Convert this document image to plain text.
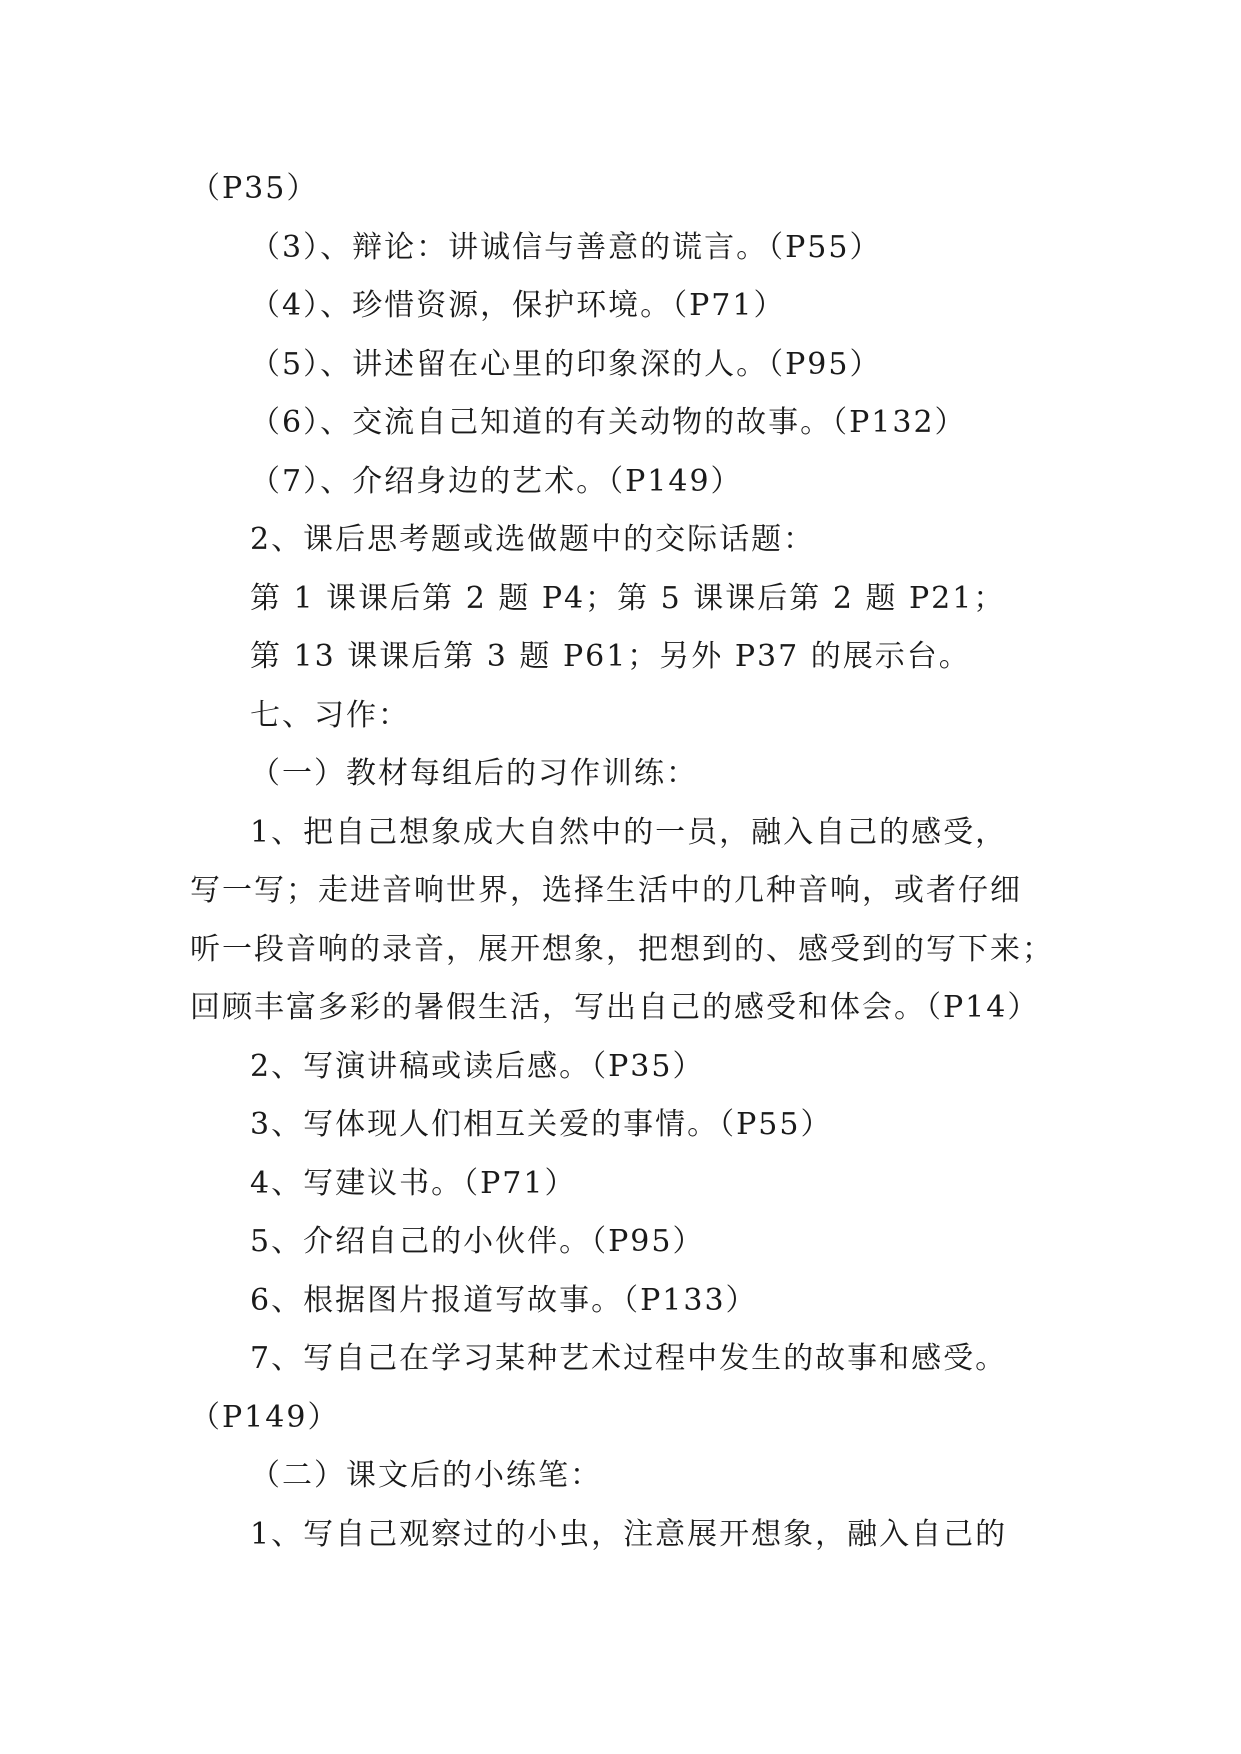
（P35）
（3）、辩论：讲诚信与善意的谎言。（P55）
（4）、珍惜资源，保护环境。（P71）
（5）、讲述留在心里的印象深的人。（P95）
（6）、交流自己知道的有关动物的故事。（P132）
（7）、介绍身边的艺术。（P149）
2、课后思考题或选做题中的交际话题：
第 1 课课后第 2 题 P4；第 5 课课后第 2 题 P21；
第 13 课课后第 3 题 P61；另外 P37 的展示台。
七、习作：
（一）教材每组后的习作训练：
1、把自己想象成大自然中的一员，融入自己的感受，
写一写；走进音响世界，选择生活中的几种音响，或者仔细
听一段音响的录音，展开想象，把想到的、感受到的写下来；
回顾丰富多彩的暑假生活，写出自己的感受和体会。（P14）
2、写演讲稿或读后感。（P35）
3、写体现人们相互关爱的事情。（P55）
4、写建议书。（P71）
5、介绍自己的小伙伴。（P95）
6、根据图片报道写故事。（P133）
7、写自己在学习某种艺术过程中发生的故事和感受。
（P149）
（二）课文后的小练笔：
1、写自己观察过的小虫，注意展开想象，融入自己的
